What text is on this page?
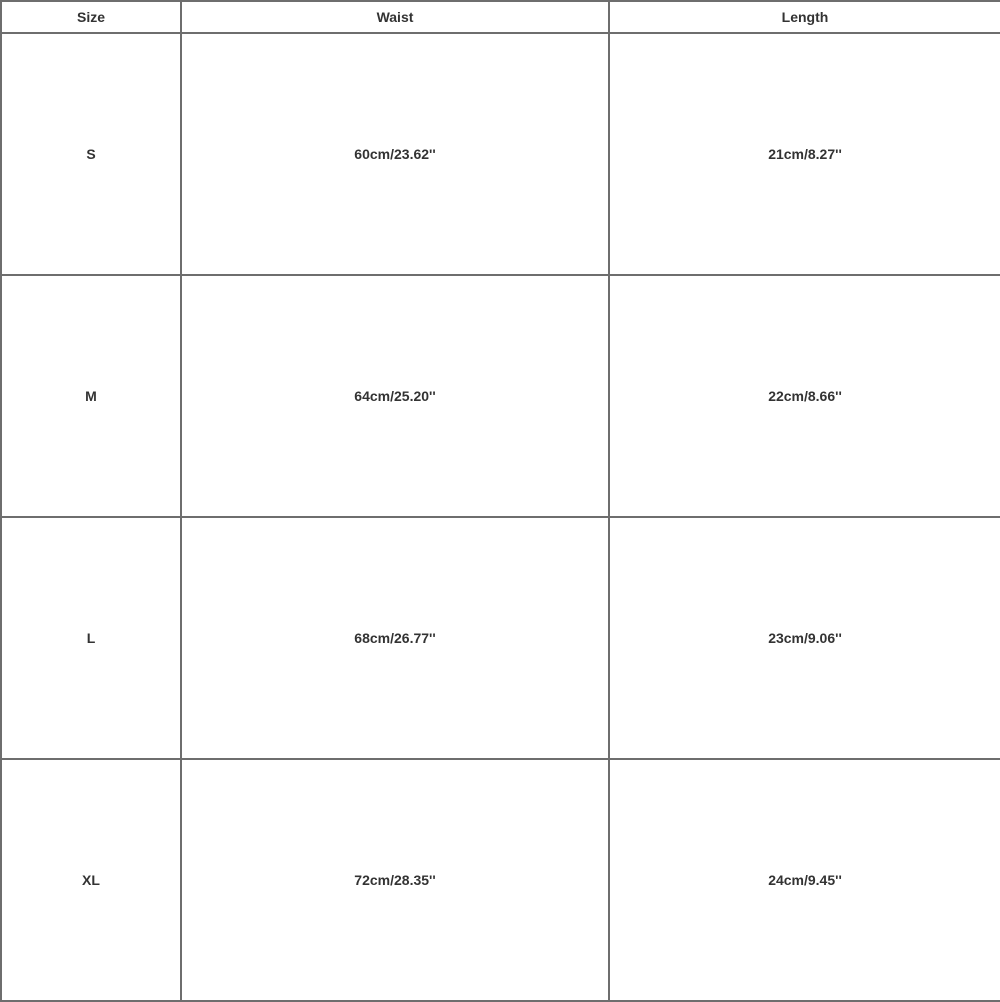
Size	Waist	Length
S	60cm/23.62''	21cm/8.27''
M	64cm/25.20''	22cm/8.66''
L	68cm/26.77''	23cm/9.06''
XL	72cm/28.35''	24cm/9.45''
